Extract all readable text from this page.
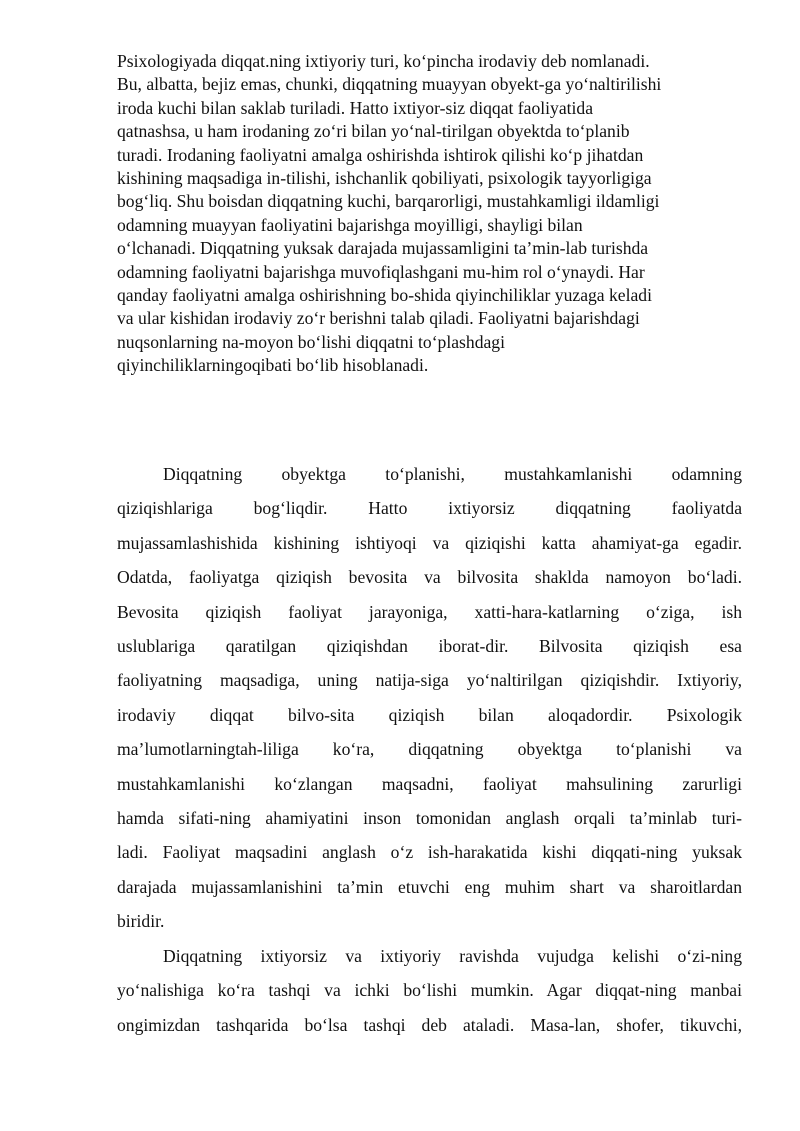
Psixologiyada diqqat.ning ixtiyoriy turi, ko‘pincha irodaviy deb nomlanadi.
Bu, albatta, bejiz emas, chunki, diqqatning muayyan obyekt-ga yo‘naltirilishi
iroda kuchi bilan saklab turiladi. Hatto ixtiyor-siz diqqat faoliyatida
qatnashsa, u ham irodaning zo‘ri bilan yo‘nal-tirilgan obyektda to‘planib
turadi. Irodaning faoliyatni amalga oshirishda ishtirok qilishi ko‘p jihatdan
kishining maqsadiga in-tilishi, ishchanlik qobiliyati, psixologik tayyorligiga
bog‘liq. Shu boisdan diqqatning kuchi, barqarorligi, mustahkamligi ildamligi
odamning muayyan faoliyatini bajarishga moyilligi, shayligi bilan
o‘lchanadi. Diqqatning yuksak darajada mujassamligini ta’min-lab turishda
odamning faoliyatni bajarishga muvofiqlashgani mu-him rol o‘ynaydi. Har
qanday faoliyatni amalga oshirishning bo-shida qiyinchiliklar yuzaga keladi
va ular kishidan irodaviy zo‘r berishni talab qiladi. Faoliyatni bajarishdagi
nuqsonlarning na-moyon bo‘lishi diqqatni to‘plashdagi
qiyinchiliklarningoqibati bo‘lib hisoblanadi.
Diqqatning obyektga to‘planishi, mustahkamlanishi odamning
qiziqishlariga bog‘liqdir. Hatto ixtiyorsiz diqqatning faoliyatda
mujassamlashishida kishining ishtiyoqi va qiziqishi katta ahamiyat-ga egadir.
Odatda, faoliyatga qiziqish bevosita va bilvosita shaklda namoyon bo‘ladi.
Bevosita qiziqish faoliyat jarayoniga, xatti-hara-katlarning o‘ziga, ish
uslublariga qaratilgan qiziqishdan iborat-dir. Bilvosita qiziqish esa
faoliyatning maqsadiga, uning natija-siga yo‘naltirilgan qiziqishdir. Ixtiyoriy,
irodaviy diqqat bilvo-sita qiziqish bilan aloqadordir. Psixologik
ma’lumotlarningtah-liliga ko‘ra, diqqatning obyektga to‘planishi va
mustahkamlanishi ko‘zlangan maqsadni, faoliyat mahsulining zarurligi
hamda sifati-ning ahamiyatini inson tomonidan anglash orqali ta’minlab turi-
ladi. Faoliyat maqsadini anglash o‘z ish-harakatida kishi diqqati-ning yuksak
darajada mujassamlanishini ta’min etuvchi eng muhim shart va sharoitlardan
biridir.
Diqqatning ixtiyorsiz va ixtiyoriy ravishda vujudga kelishi o‘zi-ning
yo‘nalishiga ko‘ra tashqi va ichki bo‘lishi mumkin. Agar diqqat-ning manbai
ongimizdan tashqarida bo‘lsa tashqi deb ataladi. Masa-lan, shofer, tikuvchi,
